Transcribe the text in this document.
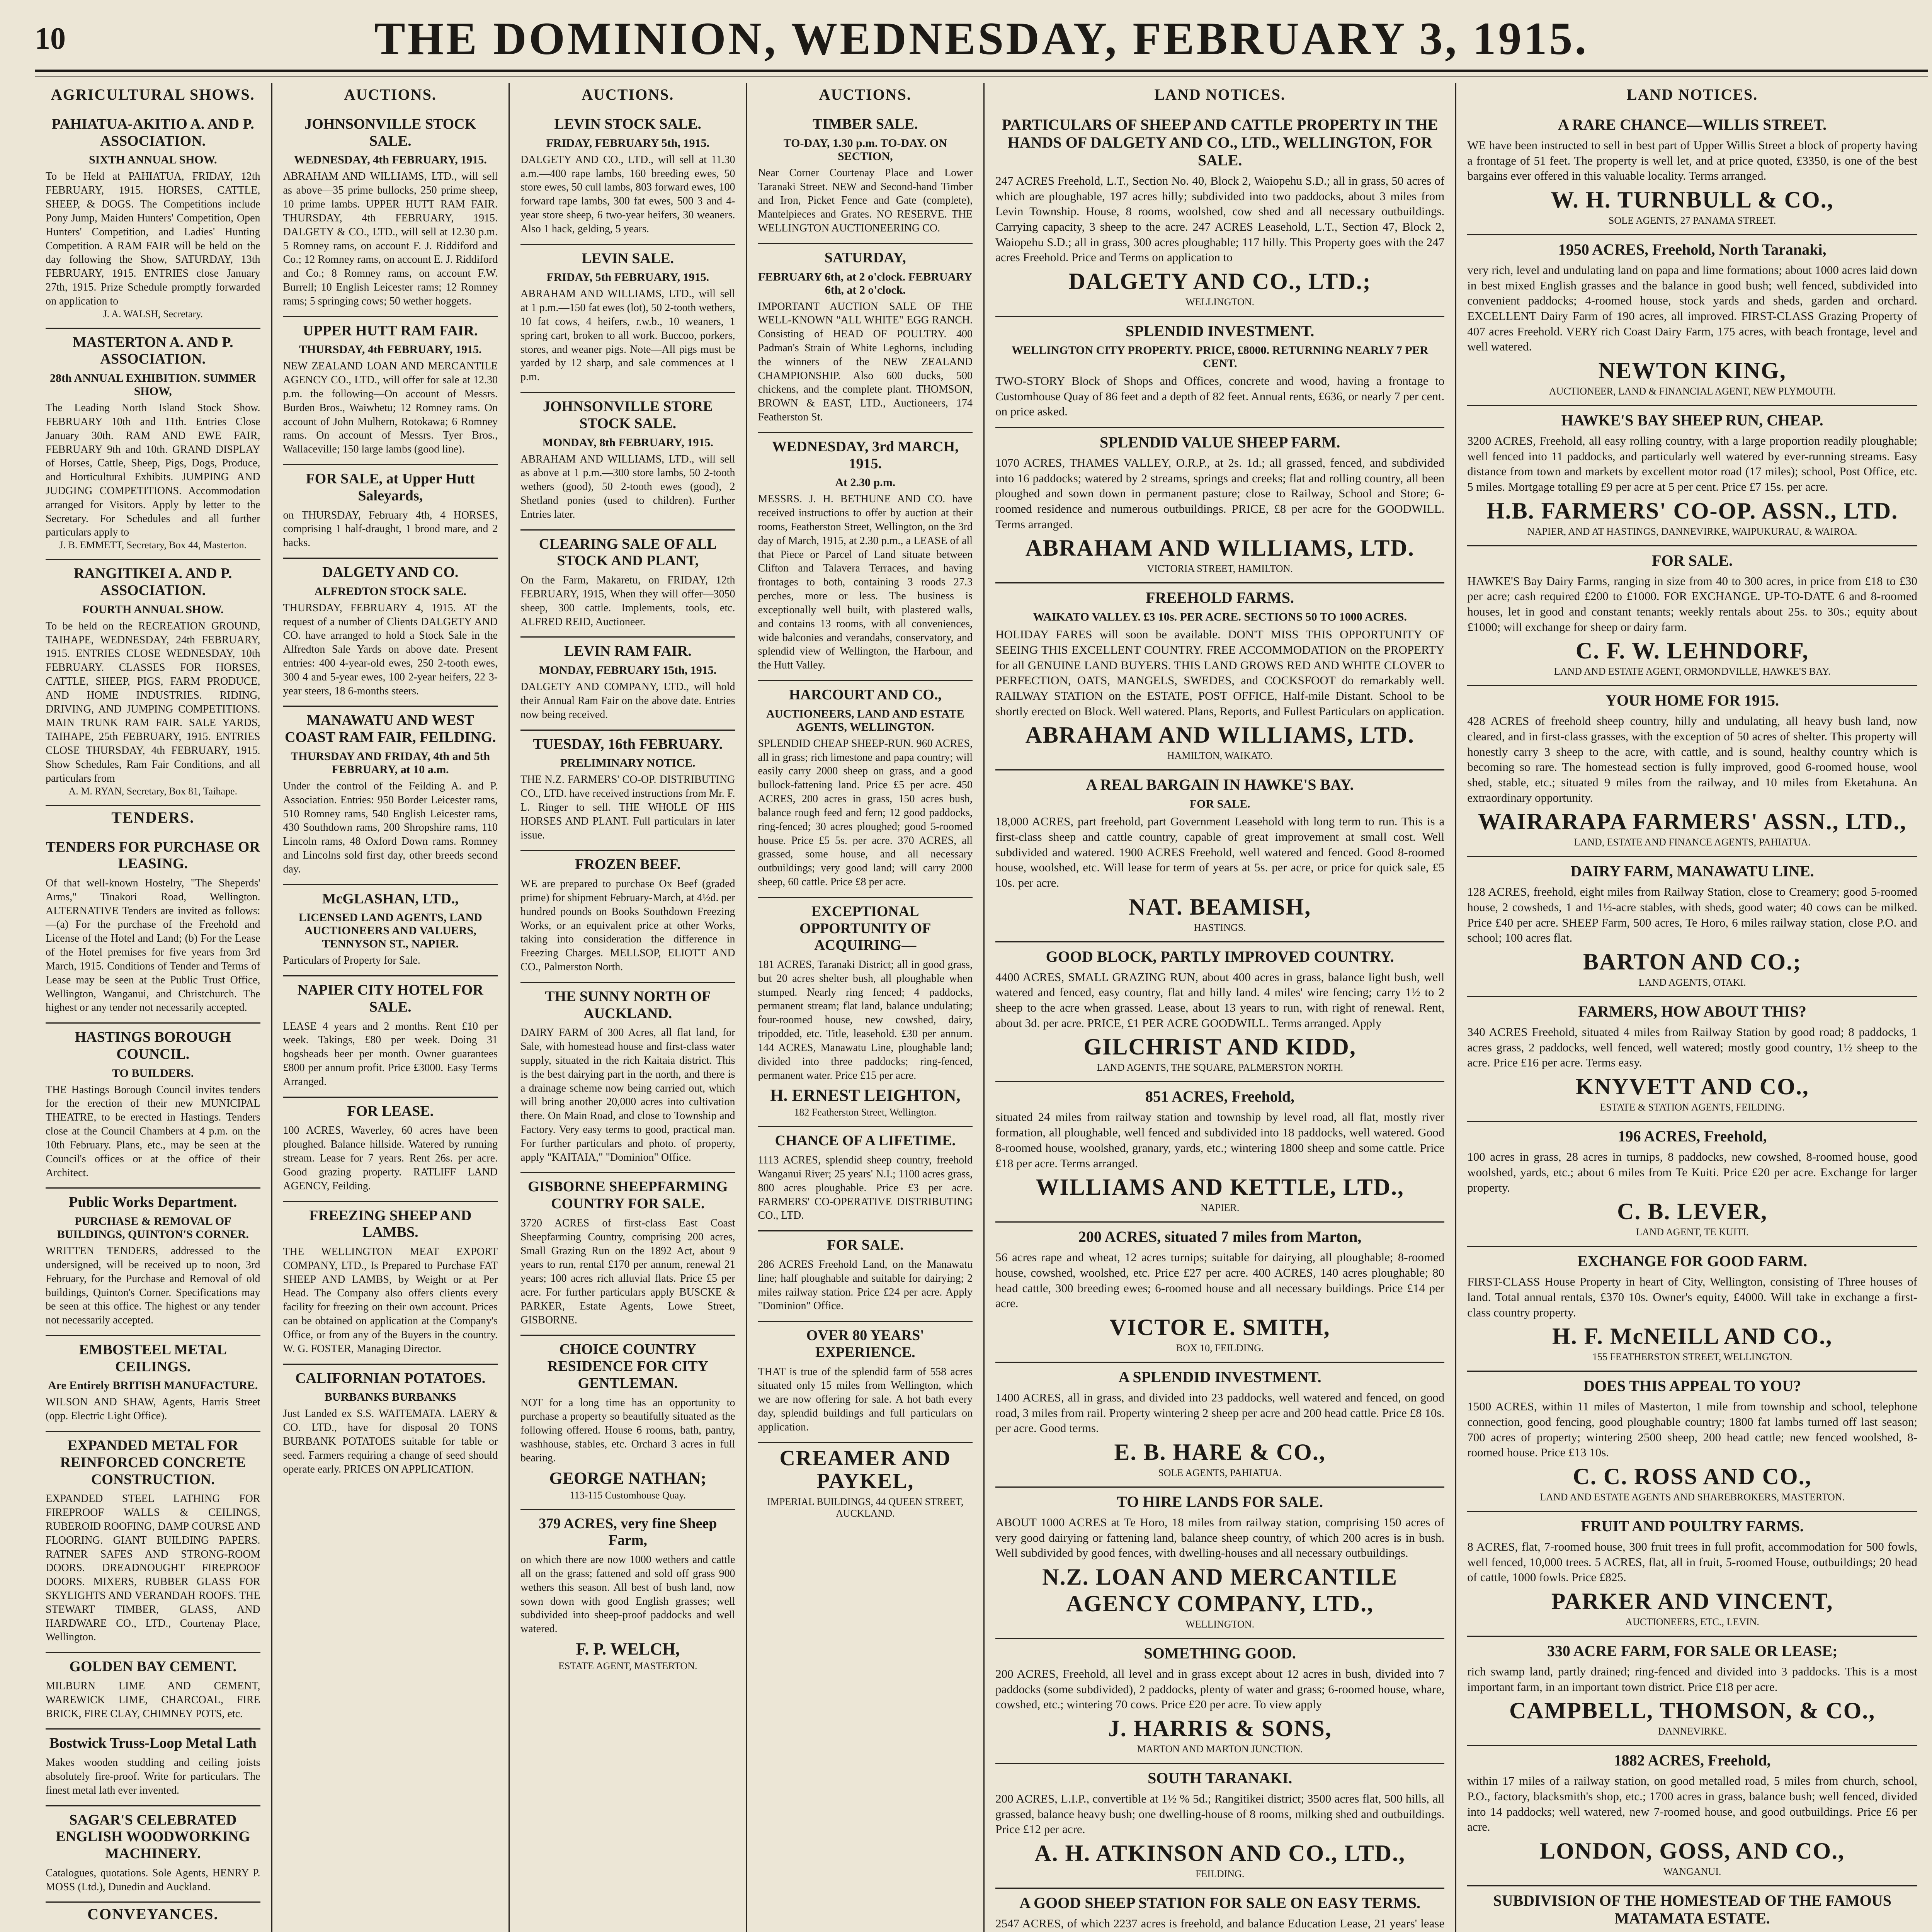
10	THE DOMINION, WEDNESDAY, FEBRUARY 3, 1915.
AGRICULTURAL SHOWS.
PAHIATUA-AKITIO A. AND P. ASSOCIATION.
SIXTH ANNUAL SHOW.

To be Held at PAHIATUA, FRIDAY, 12th FEBRUARY, 1915. HORSES, CATTLE, SHEEP, & DOGS. The Competitions include Pony Jump, Maiden Hunters' Competition, Open Hunters' Competition, and Ladies' Hunting Competition. A RAM FAIR will be held on the day following the Show, SATURDAY, 13th FEBRUARY, 1915. ENTRIES close January 27th, 1915. Prize Schedule promptly forwarded on application to

J. A. WALSH, Secretary.
MASTERTON A. AND P. ASSOCIATION.
28th ANNUAL EXHIBITION. SUMMER SHOW,

The Leading North Island Stock Show. FEBRUARY 10th and 11th. Entries Close January 30th. RAM AND EWE FAIR, FEBRUARY 9th and 10th. GRAND DISPLAY of Horses, Cattle, Sheep, Pigs, Dogs, Produce, and Horticultural Exhibits. JUMPING AND JUDGING COMPETITIONS. Accommodation arranged for Visitors. Apply by letter to the Secretary. For Schedules and all further particulars apply to

J. B. EMMETT, Secretary, Box 44, Masterton.
RANGITIKEI A. AND P. ASSOCIATION.
FOURTH ANNUAL SHOW.

To be held on the RECREATION GROUND, TAIHAPE, WEDNESDAY, 24th FEBRUARY, 1915. ENTRIES CLOSE WEDNESDAY, 10th FEBRUARY. CLASSES FOR HORSES, CATTLE, SHEEP, PIGS, FARM PRODUCE, AND HOME INDUSTRIES. RIDING, DRIVING, AND JUMPING COMPETITIONS. MAIN TRUNK RAM FAIR. SALE YARDS, TAIHAPE, 25th FEBRUARY, 1915. ENTRIES CLOSE THURSDAY, 4th FEBRUARY, 1915. Show Schedules, Ram Fair Conditions, and all particulars from

A. M. RYAN, Secretary, Box 81, Taihape.
TENDERS.
TENDERS FOR PURCHASE OR LEASING.

Of that well-known Hostelry, "The Sheperds' Arms," Tinakori Road, Wellington. ALTERNATIVE Tenders are invited as follows:—(a) For the purchase of the Freehold and License of the Hotel and Land; (b) For the Lease of the Hotel premises for five years from 3rd March, 1915. Conditions of Tender and Terms of Lease may be seen at the Public Trust Office, Wellington, Wanganui, and Christchurch. The highest or any tender not necessarily accepted.

HASTINGS BOROUGH COUNCIL.
TO BUILDERS.

THE Hastings Borough Council invites tenders for the erection of their new MUNICIPAL THEATRE, to be erected in Hastings. Tenders close at the Council Chambers at 4 p.m. on the 10th February. Plans, etc., may be seen at the Council's offices or at the office of their Architect.

Public Works Department.
PURCHASE & REMOVAL OF BUILDINGS, QUINTON'S CORNER.

WRITTEN TENDERS, addressed to the undersigned, will be received up to noon, 3rd February, for the Purchase and Removal of old buildings, Quinton's Corner. Specifications may be seen at this office. The highest or any tender not necessarily accepted.

EMBOSTEEL METAL CEILINGS.
Are Entirely BRITISH MANUFACTURE.

WILSON AND SHAW, Agents, Harris Street (opp. Electric Light Office).

EXPANDED METAL FOR REINFORCED CONCRETE CONSTRUCTION.

EXPANDED STEEL LATHING FOR FIREPROOF WALLS & CEILINGS, RUBEROID ROOFING, DAMP COURSE AND FLOORING. GIANT BUILDING PAPERS. RATNER SAFES AND STRONG-ROOM DOORS. DREADNOUGHT FIREPROOF DOORS. MIXERS, RUBBER GLASS FOR SKYLIGHTS AND VERANDAH ROOFS. THE STEWART TIMBER, GLASS, AND HARDWARE CO., LTD., Courtenay Place, Wellington.

GOLDEN BAY CEMENT.

MILBURN LIME AND CEMENT, WAREWICK LIME, CHARCOAL, FIRE BRICK, FIRE CLAY, CHIMNEY POTS, etc.

Bostwick Truss-Loop Metal Lath

Makes wooden studding and ceiling joists absolutely fire-proof. Write for particulars. The finest metal lath ever invented.

SAGAR'S CELEBRATED ENGLISH WOODWORKING MACHINERY.

Catalogues, quotations. Sole Agents, HENRY P. MOSS (Ltd.), Dunedin and Auckland.

CONVEYANCES.

AUCTIONS.
JOHNSONVILLE STOCK SALE.
WEDNESDAY, 4th FEBRUARY, 1915.

ABRAHAM AND WILLIAMS, LTD., will sell as above—35 prime bullocks, 250 prime sheep, 10 prime lambs. UPPER HUTT RAM FAIR. THURSDAY, 4th FEBRUARY, 1915. DALGETY & CO., LTD., will sell at 12.30 p.m. 5 Romney rams, on account F. J. Riddiford and Co.; 12 Romney rams, on account E. J. Riddiford and Co.; 8 Romney rams, on account F.W. Burrell; 10 English Leicester rams; 12 Romney rams; 5 springing cows; 50 wether hoggets.

UPPER HUTT RAM FAIR.
THURSDAY, 4th FEBRUARY, 1915.

NEW ZEALAND LOAN AND MERCANTILE AGENCY CO., LTD., will offer for sale at 12.30 p.m. the following—On account of Messrs. Burden Bros., Waiwhetu; 12 Romney rams. On account of John Mulhern, Rotokawa; 6 Romney rams. On account of Messrs. Tyer Bros., Wallaceville; 150 large lambs (good line).

FOR SALE, at Upper Hutt Saleyards,

on THURSDAY, February 4th, 4 HORSES, comprising 1 half-draught, 1 brood mare, and 2 hacks.

DALGETY AND CO.
ALFREDTON STOCK SALE.

THURSDAY, FEBRUARY 4, 1915. AT the request of a number of Clients DALGETY AND CO. have arranged to hold a Stock Sale in the Alfredton Sale Yards on above date. Present entries: 400 4-year-old ewes, 250 2-tooth ewes, 300 4 and 5-year ewes, 100 2-year heifers, 22 3-year steers, 18 6-months steers.

MANAWATU AND WEST COAST RAM FAIR, FEILDING.
THURSDAY AND FRIDAY, 4th and 5th FEBRUARY, at 10 a.m.

Under the control of the Feilding A. and P. Association. Entries: 950 Border Leicester rams, 510 Romney rams, 540 English Leicester rams, 430 Southdown rams, 200 Shropshire rams, 110 Lincoln rams, 48 Oxford Down rams. Romney and Lincolns sold first day, other breeds second day.

McGLASHAN, LTD.,
LICENSED LAND AGENTS, LAND AUCTIONEERS AND VALUERS, TENNYSON ST., NAPIER.

Particulars of Property for Sale.

NAPIER CITY HOTEL FOR SALE.

LEASE 4 years and 2 months. Rent £10 per week. Takings, £80 per week. Doing 31 hogsheads beer per month. Owner guarantees £800 per annum profit. Price £3000. Easy Terms Arranged.

FOR LEASE.

100 ACRES, Waverley, 60 acres have been ploughed. Balance hillside. Watered by running stream. Lease for 7 years. Rent 26s. per acre. Good grazing property. RATLIFF LAND AGENCY, Feilding.

FREEZING SHEEP AND LAMBS.

THE WELLINGTON MEAT EXPORT COMPANY, LTD., Is Prepared to Purchase FAT SHEEP AND LAMBS, by Weight or at Per Head. The Company also offers clients every facility for freezing on their own account. Prices can be obtained on application at the Company's Office, or from any of the Buyers in the country. W. G. FOSTER, Managing Director.

CALIFORNIAN POTATOES.
BURBANKS BURBANKS

Just Landed ex S.S. WAITEMATA. LAERY & CO. LTD., have for disposal 20 TONS BURBANK POTATOES suitable for table or seed. Farmers requiring a change of seed should operate early. PRICES ON APPLICATION.

AUCTIONS.
LEVIN STOCK SALE.
FRIDAY, FEBRUARY 5th, 1915.

DALGETY AND CO., LTD., will sell at 11.30 a.m.—400 rape lambs, 160 breeding ewes, 50 store ewes, 50 cull lambs, 803 forward ewes, 100 forward rape lambs, 300 fat ewes, 500 3 and 4-year store sheep, 6 two-year heifers, 30 weaners. Also 1 hack, gelding, 5 years.

LEVIN SALE.
FRIDAY, 5th FEBRUARY, 1915.

ABRAHAM AND WILLIAMS, LTD., will sell at 1 p.m.—150 fat ewes (lot), 50 2-tooth wethers, 10 fat cows, 4 heifers, r.w.b., 10 weaners, 1 spring cart, broken to all work. Buccoo, porkers, stores, and weaner pigs. Note—All pigs must be yarded by 12 sharp, and sale commences at 1 p.m.

JOHNSONVILLE STORE STOCK SALE.
MONDAY, 8th FEBRUARY, 1915.

ABRAHAM AND WILLIAMS, LTD., will sell as above at 1 p.m.—300 store lambs, 50 2-tooth wethers (good), 50 2-tooth ewes (good), 2 Shetland ponies (used to children). Further Entries later.

CLEARING SALE OF ALL STOCK AND PLANT,

On the Farm, Makaretu, on FRIDAY, 12th FEBRUARY, 1915, When they will offer—3050 sheep, 300 cattle. Implements, tools, etc. ALFRED REID, Auctioneer.

LEVIN RAM FAIR.
MONDAY, FEBRUARY 15th, 1915.

DALGETY AND COMPANY, LTD., will hold their Annual Ram Fair on the above date. Entries now being received.

TUESDAY, 16th FEBRUARY.
PRELIMINARY NOTICE.

THE N.Z. FARMERS' CO-OP. DISTRIBUTING CO., LTD. have received instructions from Mr. F. L. Ringer to sell. THE WHOLE OF HIS HORSES AND PLANT. Full particulars in later issue.

FROZEN BEEF.

WE are prepared to purchase Ox Beef (graded prime) for shipment February-March, at 4½d. per hundred pounds on Books Southdown Freezing Works, or an equivalent price at other Works, taking into consideration the difference in Freezing Charges. MELLSOP, ELIOTT AND CO., Palmerston North.

THE SUNNY NORTH OF AUCKLAND.

DAIRY FARM of 300 Acres, all flat land, for Sale, with homestead house and first-class water supply, situated in the rich Kaitaia district. This is the best dairying part in the north, and there is a drainage scheme now being carried out, which will bring another 20,000 acres into cultivation there. On Main Road, and close to Township and Factory. Very easy terms to good, practical man. For further particulars and photo. of property, apply "KAITAIA," "Dominion" Office.

GISBORNE SHEEPFARMING COUNTRY FOR SALE.

3720 ACRES of first-class East Coast Sheepfarming Country, comprising 200 acres, Small Grazing Run on the 1892 Act, about 9 years to run, rental £170 per annum, renewal 21 years; 100 acres rich alluvial flats. Price £5 per acre. For further particulars apply BUSCKE & PARKER, Estate Agents, Lowe Street, GISBORNE.

CHOICE COUNTRY RESIDENCE FOR CITY GENTLEMAN.

NOT for a long time has an opportunity to purchase a property so beautifully situated as the following offered. House 6 rooms, bath, pantry, washhouse, stables, etc. Orchard 3 acres in full bearing.

GEORGE NATHAN;
113-115 Customhouse Quay.
379 ACRES, very fine Sheep Farm,

on which there are now 1000 wethers and cattle all on the grass; fattened and sold off grass 900 wethers this season. All best of bush land, now sown down with good English grasses; well subdivided into sheep-proof paddocks and well watered.

F. P. WELCH,
ESTATE AGENT, MASTERTON.
AUCTIONS.
TIMBER SALE.
TO-DAY, 1.30 p.m. TO-DAY. ON SECTION,

Near Corner Courtenay Place and Lower Taranaki Street. NEW and Second-hand Timber and Iron, Picket Fence and Gate (complete), Mantelpieces and Grates. NO RESERVE. THE WELLINGTON AUCTIONEERING CO.

SATURDAY,
FEBRUARY 6th, at 2 o'clock. FEBRUARY 6th, at 2 o'clock.

IMPORTANT AUCTION SALE OF THE WELL-KNOWN "ALL WHITE" EGG RANCH. Consisting of HEAD OF POULTRY. 400 Padman's Strain of White Leghorns, including the winners of the NEW ZEALAND CHAMPIONSHIP. Also 600 ducks, 500 chickens, and the complete plant. THOMSON, BROWN & EAST, LTD., Auctioneers, 174 Featherston St.

WEDNESDAY, 3rd MARCH, 1915.
At 2.30 p.m.

MESSRS. J. H. BETHUNE AND CO. have received instructions to offer by auction at their rooms, Featherston Street, Wellington, on the 3rd day of March, 1915, at 2.30 p.m., a LEASE of all that Piece or Parcel of Land situate between Clifton and Talavera Terraces, and having frontages to both, containing 3 roods 27.3 perches, more or less. The business is exceptionally well built, with plastered walls, and contains 13 rooms, with all conveniences, wide balconies and verandahs, conservatory, and splendid view of Wellington, the Harbour, and the Hutt Valley.

HARCOURT AND CO.,
AUCTIONEERS, LAND AND ESTATE AGENTS, WELLINGTON.

SPLENDID CHEAP SHEEP-RUN. 960 ACRES, all in grass; rich limestone and papa country; will easily carry 2000 sheep on grass, and a good bullock-fattening land. Price £5 per acre. 450 ACRES, 200 acres in grass, 150 acres bush, balance rough feed and fern; 12 good paddocks, ring-fenced; 30 acres ploughed; good 5-roomed house. Price £5 5s. per acre. 370 ACRES, all grassed, some house, and all necessary outbuildings; very good land; will carry 2000 sheep, 60 cattle. Price £8 per acre.

EXCEPTIONAL OPPORTUNITY OF ACQUIRING—

181 ACRES, Taranaki District; all in good grass, but 20 acres shelter bush, all ploughable when stumped. Nearly ring fenced; 4 paddocks, permanent stream; flat land, balance undulating; four-roomed house, new cowshed, dairy, tripodded, etc. Title, leasehold. £30 per annum. 144 ACRES, Manawatu Line, ploughable land; divided into three paddocks; ring-fenced, permanent water. Price £15 per acre.

H. ERNEST LEIGHTON,
182 Featherston Street, Wellington.
CHANCE OF A LIFETIME.

1113 ACRES, splendid sheep country, freehold Wanganui River; 25 years' N.I.; 1100 acres grass, 800 acres ploughable. Price £3 per acre. FARMERS' CO-OPERATIVE DISTRIBUTING CO., LTD.

FOR SALE.

286 ACRES Freehold Land, on the Manawatu line; half ploughable and suitable for dairying; 2 miles railway station. Price £24 per acre. Apply "Dominion" Office.

OVER 80 YEARS' EXPERIENCE.

THAT is true of the splendid farm of 558 acres situated only 15 miles from Wellington, which we are now offering for sale. A hot bath every day, splendid buildings and full particulars on application.

CREAMER AND PAYKEL,
IMPERIAL BUILDINGS, 44 QUEEN STREET, AUCKLAND.
LAND NOTICES.
PARTICULARS OF SHEEP AND CATTLE PROPERTY IN THE HANDS OF DALGETY AND CO., LTD., WELLINGTON, FOR SALE.

247 ACRES Freehold, L.T., Section No. 40, Block 2, Waiopehu S.D.; all in grass, 50 acres of which are ploughable, 197 acres hilly; subdivided into two paddocks, about 3 miles from Levin Township. House, 8 rooms, woolshed, cow shed and all necessary outbuildings. Carrying capacity, 3 sheep to the acre. 247 ACRES Leasehold, L.T., Section 47, Block 2, Waiopehu S.D.; all in grass, 300 acres ploughable; 117 hilly. This Property goes with the 247 acres Freehold. Price and Terms on application to

DALGETY AND CO., LTD.;
WELLINGTON.
SPLENDID INVESTMENT.
WELLINGTON CITY PROPERTY. PRICE, £8000. RETURNING NEARLY 7 PER CENT.

TWO-STORY Block of Shops and Offices, concrete and wood, having a frontage to Customhouse Quay of 86 feet and a depth of 82 feet. Annual rents, £636, or nearly 7 per cent. on price asked.

SPLENDID VALUE SHEEP FARM.

1070 ACRES, THAMES VALLEY, O.R.P., at 2s. 1d.; all grassed, fenced, and subdivided into 16 paddocks; watered by 2 streams, springs and creeks; flat and rolling country, all been ploughed and sown down in permanent pasture; close to Railway, School and Store; 6-roomed residence and numerous outbuildings. PRICE, £8 per acre for the GOODWILL. Terms arranged.

ABRAHAM AND WILLIAMS, LTD.
VICTORIA STREET, HAMILTON.
FREEHOLD FARMS.
WAIKATO VALLEY. £3 10s. PER ACRE. SECTIONS 50 TO 1000 ACRES.

HOLIDAY FARES will soon be available. DON'T MISS THIS OPPORTUNITY OF SEEING THIS EXCELLENT COUNTRY. FREE ACCOMMODATION on the PROPERTY for all GENUINE LAND BUYERS. THIS LAND GROWS RED AND WHITE CLOVER to PERFECTION, OATS, MANGELS, SWEDES, and COCKSFOOT do remarkably well. RAILWAY STATION on the ESTATE, POST OFFICE, Half-mile Distant. School to be shortly erected on Block. Well watered. Plans, Reports, and Fullest Particulars on application.

ABRAHAM AND WILLIAMS, LTD.
HAMILTON, WAIKATO.
A REAL BARGAIN IN HAWKE'S BAY.
FOR SALE.

18,000 ACRES, part freehold, part Government Leasehold with long term to run. This is a first-class sheep and cattle country, capable of great improvement at small cost. Well subdivided and watered. 1900 ACRES Freehold, well watered and fenced. Good 8-roomed house, woolshed, etc. Will lease for term of years at 5s. per acre, or price for quick sale, £5 10s. per acre.

NAT. BEAMISH,
HASTINGS.
GOOD BLOCK, PARTLY IMPROVED COUNTRY.

4400 ACRES, SMALL GRAZING RUN, about 400 acres in grass, balance light bush, well watered and fenced, easy country, flat and hilly land. 4 miles' wire fencing; carry 1½ to 2 sheep to the acre when grassed. Lease, about 13 years to run, with right of renewal. Rent, about 3d. per acre. PRICE, £1 PER ACRE GOODWILL. Terms arranged. Apply

GILCHRIST AND KIDD,
LAND AGENTS, THE SQUARE, PALMERSTON NORTH.
851 ACRES, Freehold,

situated 24 miles from railway station and township by level road, all flat, mostly river formation, all ploughable, well fenced and subdivided into 18 paddocks, well watered. Good 8-roomed house, woolshed, granary, yards, etc.; wintering 1800 sheep and some cattle. Price £18 per acre. Terms arranged.

WILLIAMS AND KETTLE, LTD.,
NAPIER.
200 ACRES, situated 7 miles from Marton,

56 acres rape and wheat, 12 acres turnips; suitable for dairying, all ploughable; 8-roomed house, cowshed, woolshed, etc. Price £27 per acre. 400 ACRES, 140 acres ploughable; 80 head cattle, 300 breeding ewes; 6-roomed house and all necessary buildings. Price £14 per acre.

VICTOR E. SMITH,
BOX 10, FEILDING.
A SPLENDID INVESTMENT.

1400 ACRES, all in grass, and divided into 23 paddocks, well watered and fenced, on good road, 3 miles from rail. Property wintering 2 sheep per acre and 200 head cattle. Price £8 10s. per acre. Good terms.

E. B. HARE & CO.,
SOLE AGENTS, PAHIATUA.
TO HIRE LANDS FOR SALE.

ABOUT 1000 ACRES at Te Horo, 18 miles from railway station, comprising 150 acres of very good dairying or fattening land, balance sheep country, of which 200 acres is in bush. Well subdivided by good fences, with dwelling-houses and all necessary outbuildings.

N.Z. LOAN AND MERCANTILE AGENCY COMPANY, LTD.,
WELLINGTON.
SOMETHING GOOD.

200 ACRES, Freehold, all level and in grass except about 12 acres in bush, divided into 7 paddocks (some subdivided), 2 paddocks, plenty of water and grass; 6-roomed house, whare, cowshed, etc.; wintering 70 cows. Price £20 per acre. To view apply

J. HARRIS & SONS,
MARTON AND MARTON JUNCTION.
SOUTH TARANAKI.

200 ACRES, L.I.P., convertible at 1½ % 5d.; Rangitikei district; 3500 acres flat, 500 hills, all grassed, balance heavy bush; one dwelling-house of 8 rooms, milking shed and outbuildings. Price £12 per acre.

A. H. ATKINSON AND CO., LTD.,
FEILDING.
A GOOD SHEEP STATION FOR SALE ON EASY TERMS.

2547 ACRES, of which 2237 acres is freehold, and balance Education Lease, 21 years' lease

LAND NOTICES.
A RARE CHANCE—WILLIS STREET.

WE have been instructed to sell in best part of Upper Willis Street a block of property having a frontage of 51 feet. The property is well let, and at price quoted, £3350, is one of the best bargains ever offered in this valuable locality. Terms arranged.

W. H. TURNBULL & CO.,
SOLE AGENTS, 27 PANAMA STREET.
1950 ACRES, Freehold, North Taranaki,

very rich, level and undulating land on papa and lime formations; about 1000 acres laid down in best mixed English grasses and the balance in good bush; well fenced, subdivided into convenient paddocks; 4-roomed house, stock yards and sheds, garden and orchard. EXCELLENT Dairy Farm of 190 acres, all improved. FIRST-CLASS Grazing Property of 407 acres Freehold. VERY rich Coast Dairy Farm, 175 acres, with beach frontage, level and well watered.

NEWTON KING,
AUCTIONEER, LAND & FINANCIAL AGENT, NEW PLYMOUTH.
HAWKE'S BAY SHEEP RUN, CHEAP.

3200 ACRES, Freehold, all easy rolling country, with a large proportion readily ploughable; well fenced into 11 paddocks, and particularly well watered by ever-running streams. Easy distance from town and markets by excellent motor road (17 miles); school, Post Office, etc. 5 miles. Mortgage totalling £9 per acre at 5 per cent. Price £7 15s. per acre.

H.B. FARMERS' CO-OP. ASSN., LTD.
NAPIER, AND AT HASTINGS, DANNEVIRKE, WAIPUKURAU, & WAIROA.
FOR SALE.

HAWKE'S Bay Dairy Farms, ranging in size from 40 to 300 acres, in price from £18 to £30 per acre; cash required £200 to £1000. FOR EXCHANGE. UP-TO-DATE 6 and 8-roomed houses, let in good and constant tenants; weekly rentals about 25s. to 30s.; equity about £1000; will exchange for sheep or dairy farm.

C. F. W. LEHNDORF,
LAND AND ESTATE AGENT, ORMONDVILLE, HAWKE'S BAY.
YOUR HOME FOR 1915.

428 ACRES of freehold sheep country, hilly and undulating, all heavy bush land, now cleared, and in first-class grasses, with the exception of 50 acres of shelter. This property will honestly carry 3 sheep to the acre, with cattle, and is sound, healthy country which is becoming so rare. The homestead section is fully improved, good 6-roomed house, wool shed, stable, etc.; situated 9 miles from the railway, and 10 miles from Eketahuna. An extraordinary opportunity.

WAIRARAPA FARMERS' ASSN., LTD.,
LAND, ESTATE AND FINANCE AGENTS, PAHIATUA.
DAIRY FARM, MANAWATU LINE.

128 ACRES, freehold, eight miles from Railway Station, close to Creamery; good 5-roomed house, 2 cowsheds, 1 and 1½-acre stables, with sheds, good water; 40 cows can be milked. Price £40 per acre. SHEEP Farm, 500 acres, Te Horo, 6 miles railway station, close P.O. and school; 100 acres flat.

BARTON AND CO.;
LAND AGENTS, OTAKI.
FARMERS, HOW ABOUT THIS?

340 ACRES Freehold, situated 4 miles from Railway Station by good road; 8 paddocks, 1 acres grass, 2 paddocks, well fenced, well watered; mostly good country, 1½ sheep to the acre. Price £16 per acre. Terms easy.

KNYVETT AND CO.,
ESTATE & STATION AGENTS, FEILDING.
196 ACRES, Freehold,

100 acres in grass, 28 acres in turnips, 8 paddocks, new cowshed, 8-roomed house, good woolshed, yards, etc.; about 6 miles from Te Kuiti. Price £20 per acre. Exchange for larger property.

C. B. LEVER,
LAND AGENT, TE KUITI.
EXCHANGE FOR GOOD FARM.

FIRST-CLASS House Property in heart of City, Wellington, consisting of Three houses of land. Total annual rentals, £370 10s. Owner's equity, £4000. Will take in exchange a first-class country property.

H. F. McNEILL AND CO.,
155 FEATHERSTON STREET, WELLINGTON.
DOES THIS APPEAL TO YOU?

1500 ACRES, within 11 miles of Masterton, 1 mile from township and school, telephone connection, good fencing, good ploughable country; 1800 fat lambs turned off last season; 700 acres of property; wintering 2500 sheep, 200 head cattle; new fenced woolshed, 8-roomed house. Price £13 10s.

C. C. ROSS AND CO.,
LAND AND ESTATE AGENTS AND SHAREBROKERS, MASTERTON.
FRUIT AND POULTRY FARMS.

8 ACRES, flat, 7-roomed house, 300 fruit trees in full profit, accommodation for 500 fowls, well fenced, 10,000 trees. 5 ACRES, flat, all in fruit, 5-roomed House, outbuildings; 20 head of cattle, 1000 fowls. Price £825.

PARKER AND VINCENT,
AUCTIONEERS, ETC., LEVIN.
330 ACRE FARM, FOR SALE OR LEASE;

rich swamp land, partly drained; ring-fenced and divided into 3 paddocks. This is a most important farm, in an important town district. Price £18 per acre.

CAMPBELL, THOMSON, & CO.,
DANNEVIRKE.
1882 ACRES, Freehold,

within 17 miles of a railway station, on good metalled road, 5 miles from church, school, P.O., factory, blacksmith's shop, etc.; 1700 acres in grass, balance bush; well fenced, divided into 14 paddocks; well watered, new 7-roomed house, and good outbuildings. Price £6 per acre.

LONDON, GOSS, AND CO.,
WANGANUI.
SUBDIVISION OF THE HOMESTEAD OF THE FAMOUS MATAMATA ESTATE.
